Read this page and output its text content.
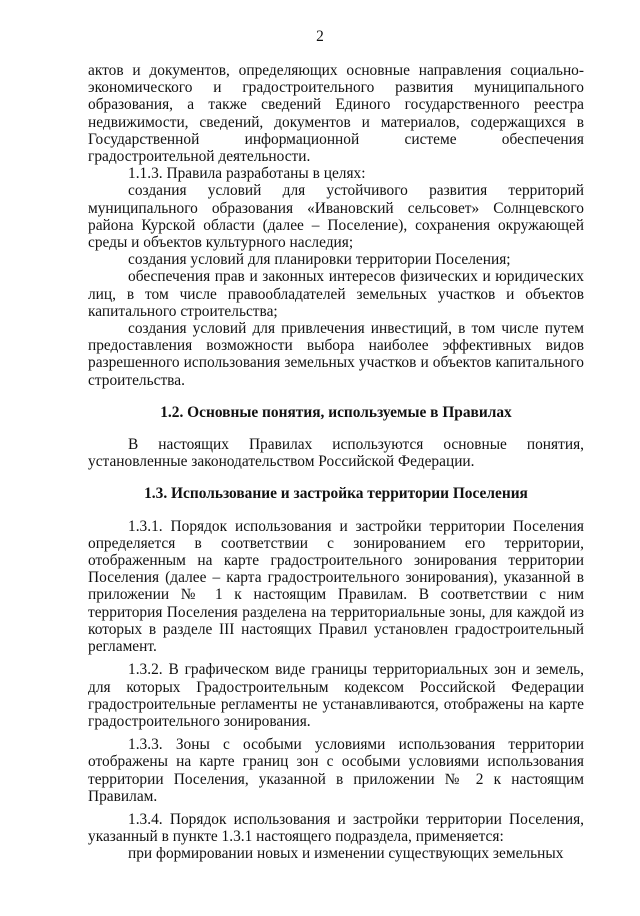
2

актов и документов, определяющих основные направления социально-экономического и градостроительного развития муниципального образования, а также сведений Единого государственного реестра недвижимости, сведений, документов и материалов, содержащихся в Государственной информационной системе обеспечения градостроительной деятельности.

1.1.3. Правила разработаны в целях:

создания условий для устойчивого развития территорий муниципального образования «Ивановский сельсовет» Солнцевского района Курской области (далее – Поселение), сохранения окружающей среды и объектов культурного наследия;

создания условий для планировки территории Поселения;

обеспечения прав и законных интересов физических и юридических лиц, в том числе правообладателей земельных участков и объектов капитального строительства;

создания условий для привлечения инвестиций, в том числе путем предоставления возможности выбора наиболее эффективных видов разрешенного использования земельных участков и объектов капитального строительства.

1.2. Основные понятия, используемые в Правилах

В настоящих Правилах используются основные понятия, установленные законодательством Российской Федерации.

1.3. Использование и застройка территории Поселения

1.3.1. Порядок использования и застройки территории Поселения определяется в соответствии с зонированием его территории, отображенным на карте градостроительного зонирования территории Поселения (далее – карта градостроительного зонирования), указанной в приложении № 1 к настоящим Правилам. В соответствии с ним территория Поселения разделена на территориальные зоны, для каждой из которых в разделе III настоящих Правил установлен градостроительный регламент.

1.3.2. В графическом виде границы территориальных зон и земель, для которых Градостроительным кодексом Российской Федерации градостроительные регламенты не устанавливаются, отображены на карте градостроительного зонирования.

1.3.3. Зоны с особыми условиями использования территории отображены на карте границ зон с особыми условиями использования территории Поселения, указанной в приложении № 2 к настоящим Правилам.

1.3.4. Порядок использования и застройки территории Поселения, указанный в пункте 1.3.1 настоящего подраздела, применяется:

при формировании новых и изменении существующих земельных
